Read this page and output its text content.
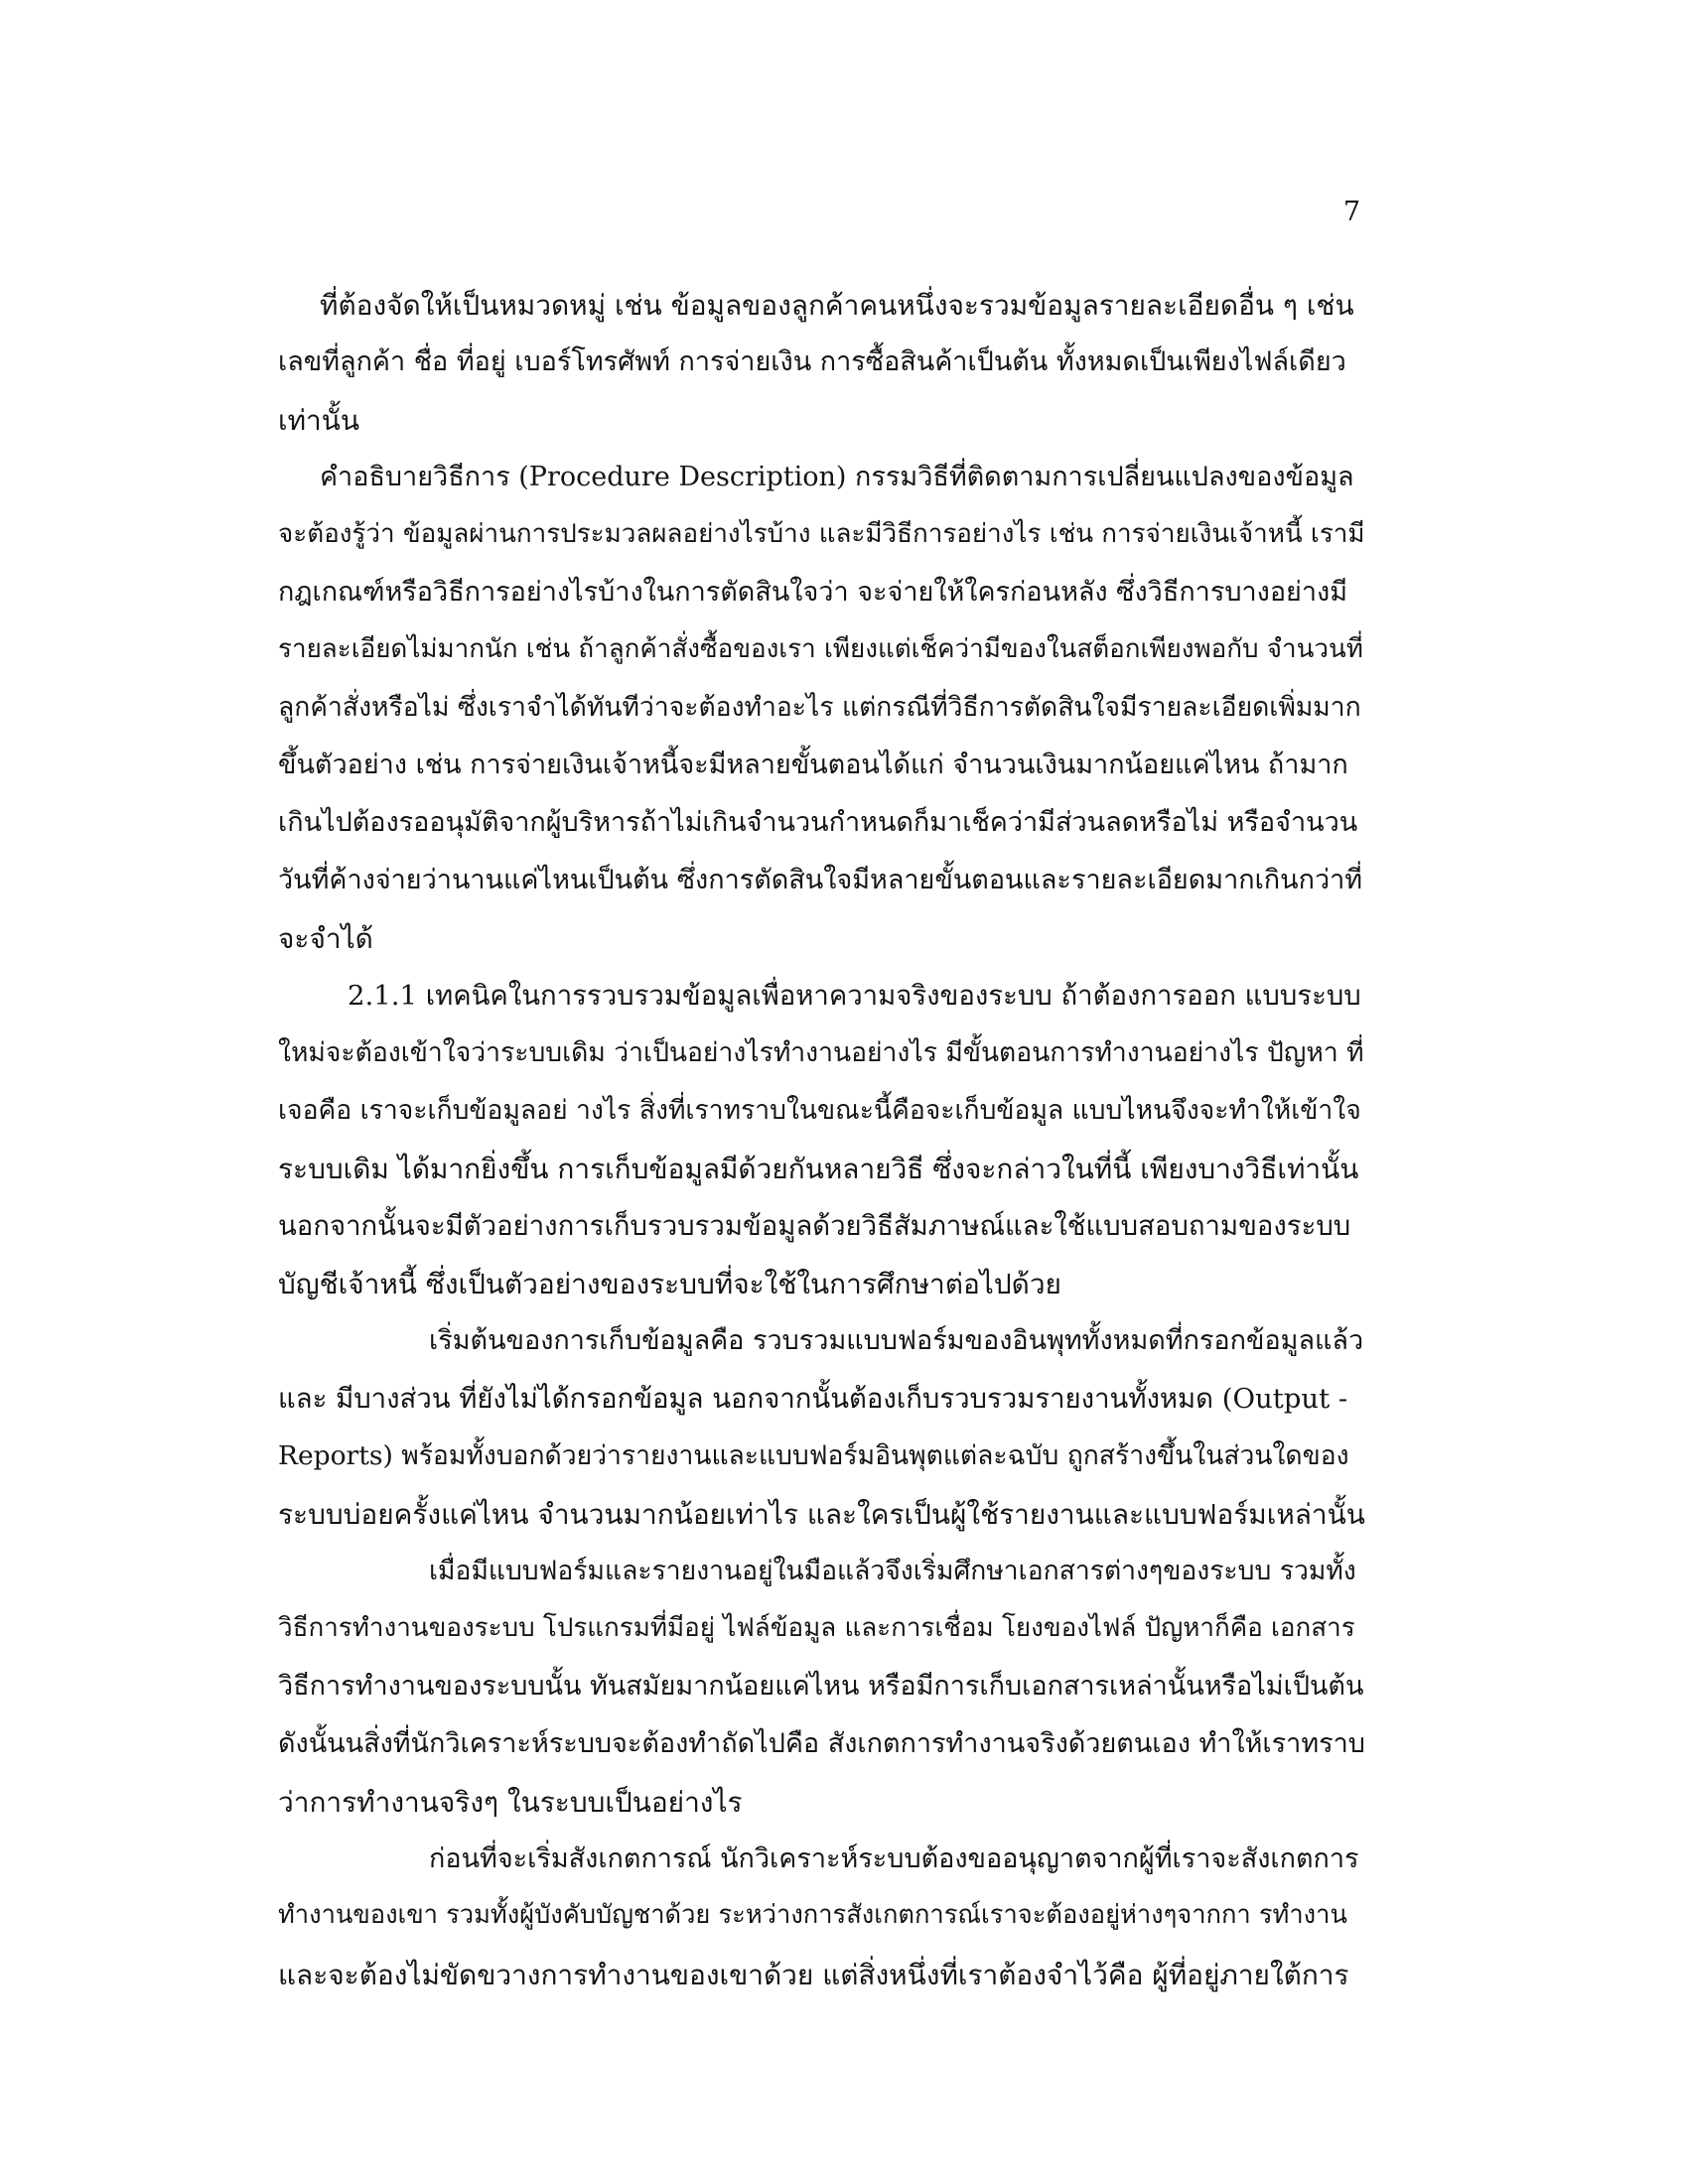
7
ที่ต้องจัดให้เป็นหมวดหมู่ เช่น ข้อมูลของลูกค้าคนหนึ่งจะรวมข้อมูลรายละเอียดอื่น ๆ เช่น
เลขที่ลูกค้า ชื่อ ที่อยู่ เบอร์โทรศัพท์ การจ่ายเงิน การซื้อสินค้าเป็นต้น ทั้งหมดเป็นเพียงไฟล์เดียว
เท่านั้น
คำอธิบายวิธีการ (Procedure Description) กรรมวิธีที่ติดตามการเปลี่ยนแปลงของข้อมูล
จะต้องรู้ว่า ข้อมูลผ่านการประมวลผลอย่างไรบ้าง และมีวิธีการอย่างไร เช่น การจ่ายเงินเจ้าหนี้ เรามี
กฎเกณฑ์หรือวิธีการอย่างไรบ้างในการตัดสินใจว่า จะจ่ายให้ใครก่อนหลัง ซึ่งวิธีการบางอย่างมี
รายละเอียดไม่มากนัก เช่น ถ้าลูกค้าสั่งซื้อของเรา เพียงแต่เช็คว่ามีของในสต็อกเพียงพอกับ จำนวนที่
ลูกค้าสั่งหรือไม่ ซึ่งเราจำได้ทันทีว่าจะต้องทำอะไร แต่กรณีที่วิธีการตัดสินใจมีรายละเอียดเพิ่มมาก
ขึ้นตัวอย่าง เช่น การจ่ายเงินเจ้าหนี้จะมีหลายขั้นตอนได้แก่ จำนวนเงินมากน้อยแค่ไหน ถ้ามาก
เกินไปต้องรออนุมัติจากผู้บริหารถ้าไม่เกินจำนวนกำหนดก็มาเช็คว่ามีส่วนลดหรือไม่ หรือจำนวน
วันที่ค้างจ่ายว่านานแค่ไหนเป็นต้น ซึ่งการตัดสินใจมีหลายขั้นตอนและรายละเอียดมากเกินกว่าที่
จะจำได้
2.1.1 เทคนิคในการรวบรวมข้อมูลเพื่อหาความจริงของระบบ ถ้าต้องการออก แบบระบบ
ใหม่จะต้องเข้าใจว่าระบบเดิม ว่าเป็นอย่างไรทำงานอย่างไร มีขั้นตอนการทำงานอย่างไร ปัญหา ที่
เจอคือ เราจะเก็บข้อมูลอย่ างไร สิ่งที่เราทราบในขณะนี้คือจะเก็บข้อมูล แบบไหนจึงจะทำให้เข้าใจ
ระบบเดิม ได้มากยิ่งขึ้น การเก็บข้อมูลมีด้วยกันหลายวิธี ซึ่งจะกล่าวในที่นี้ เพียงบางวิธีเท่านั้น
นอกจากนั้นจะมีตัวอย่างการเก็บรวบรวมข้อมูลด้วยวิธีสัมภาษณ์และใช้แบบสอบถามของระบบ
บัญชีเจ้าหนี้ ซึ่งเป็นตัวอย่างของระบบที่จะใช้ในการศึกษาต่อไปด้วย
เริ่มต้นของการเก็บข้อมูลคือ รวบรวมแบบฟอร์มของอินพุททั้งหมดที่กรอกข้อมูลแล้ว
และ มีบางส่วน ที่ยังไม่ได้กรอกข้อมูล นอกจากนั้นต้องเก็บรวบรวมรายงานทั้งหมด (Output -
Reports) พร้อมทั้งบอกด้วยว่ารายงานและแบบฟอร์มอินพุตแต่ละฉบับ ถูกสร้างขึ้นในส่วนใดของ
ระบบบ่อยครั้งแค่ไหน จำนวนมากน้อยเท่าไร และใครเป็นผู้ใช้รายงานและแบบฟอร์มเหล่านั้น
เมื่อมีแบบฟอร์มและรายงานอยู่ในมือแล้วจึงเริ่มศึกษาเอกสารต่างๆของระบบ รวมทั้ง
วิธีการทำงานของระบบ โปรแกรมที่มีอยู่ ไฟล์ข้อมูล และการเชื่อม โยงของไฟล์ ปัญหาก็คือ เอกสาร
วิธีการทำงานของระบบนั้น ทันสมัยมากน้อยแค่ไหน หรือมีการเก็บเอกสารเหล่านั้นหรือไม่เป็นต้น
ดังนั้นนสิ่งที่นักวิเคราะห์ระบบจะต้องทำถัดไปคือ สังเกตการทำงานจริงด้วยตนเอง ทำให้เราทราบ
ว่าการทำงานจริงๆ ในระบบเป็นอย่างไร
ก่อนที่จะเริ่มสังเกตการณ์ นักวิเคราะห์ระบบต้องขออนุญาตจากผู้ที่เราจะสังเกตการ
ทำงานของเขา รวมทั้งผู้บังคับบัญชาด้วย ระหว่างการสังเกตการณ์เราจะต้องอยู่ห่างๆจากกา รทำงาน
และจะต้องไม่ขัดขวางการทำงานของเขาด้วย แต่สิ่งหนึ่งที่เราต้องจำไว้คือ ผู้ที่อยู่ภายใต้การ
